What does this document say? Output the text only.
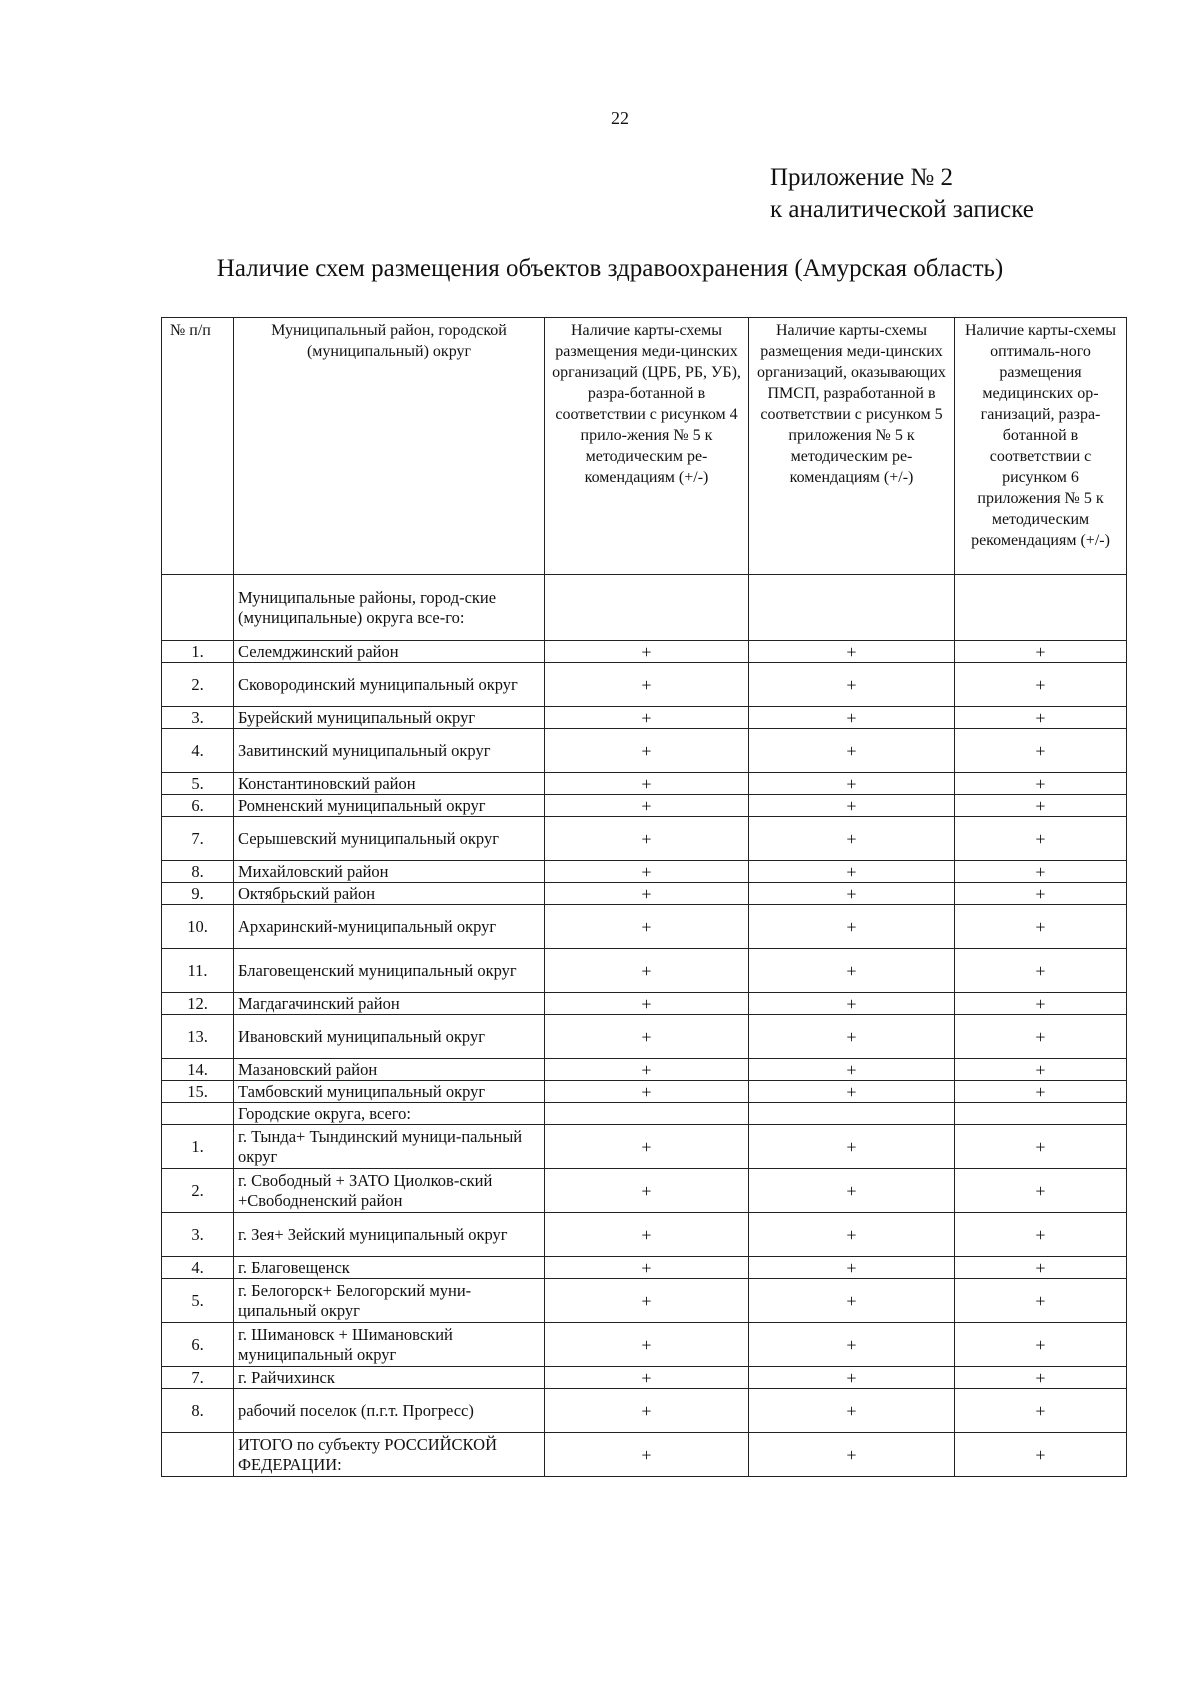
22
Приложение № 2
к аналитической записке
Наличие схем размещения объектов здравоохранения (Амурская область)
№ п/п	Муниципальный район, городской (муниципальный) округ	Наличие карты-схемы размещения меди-цинских организаций (ЦРБ, РБ, УБ), разра-ботанной в соответствии с рисунком 4 прило-жения № 5 к методическим ре-комендациям (+/-)	Наличие карты-схемы размещения меди-цинских организаций, оказывающих ПМСП, разработанной в соответствии с рисунком 5 приложения № 5 к методическим ре-комендациям (+/-)	Наличие карты-схемы оптималь-ного размещения медицинских ор-ганизаций, разра-ботанной в соответствии с рисунком 6 приложения № 5 к методическим рекомендациям (+/-)
	Муниципальные районы, город-ские (муниципальные) округа все-го:			
1.	Селемджинский район	+	+	+
2.	Сковородинский муниципальный округ	+	+	+
3.	Бурейский муниципальный округ	+	+	+
4.	Завитинский муниципальный округ	+	+	+
5.	Константиновский район	+	+	+
6.	Ромненский муниципальный округ	+	+	+
7.	Серышевский муниципальный округ	+	+	+
8.	Михайловский район	+	+	+
9.	Октябрьский район	+	+	+
10.	Архаринский-муниципальный округ	+	+	+
11.	Благовещенский муниципальный округ	+	+	+
12.	Магдагачинский район	+	+	+
13.	Ивановский муниципальный округ	+	+	+
14.	Мазановский район	+	+	+
15.	Тамбовский муниципальный округ	+	+	+
	Городские округа, всего:			
1.	г. Тында+ Тындинский муници-пальный округ	+	+	+
2.	г. Свободный + ЗАТО Циолков-ский +Свободненский район	+	+	+
3.	г. Зея+ Зейский муниципальный округ	+	+	+
4.	г. Благовещенск	+	+	+
5.	г. Белогорск+ Белогорский муни-ципальный округ	+	+	+
6.	г. Шимановск + Шимановский муниципальный округ	+	+	+
7.	г. Райчихинск	+	+	+
8.	рабочий поселок (п.г.т. Прогресс)	+	+	+
	ИТОГО по субъекту РОССИЙСКОЙ ФЕДЕРАЦИИ:	+	+	+
